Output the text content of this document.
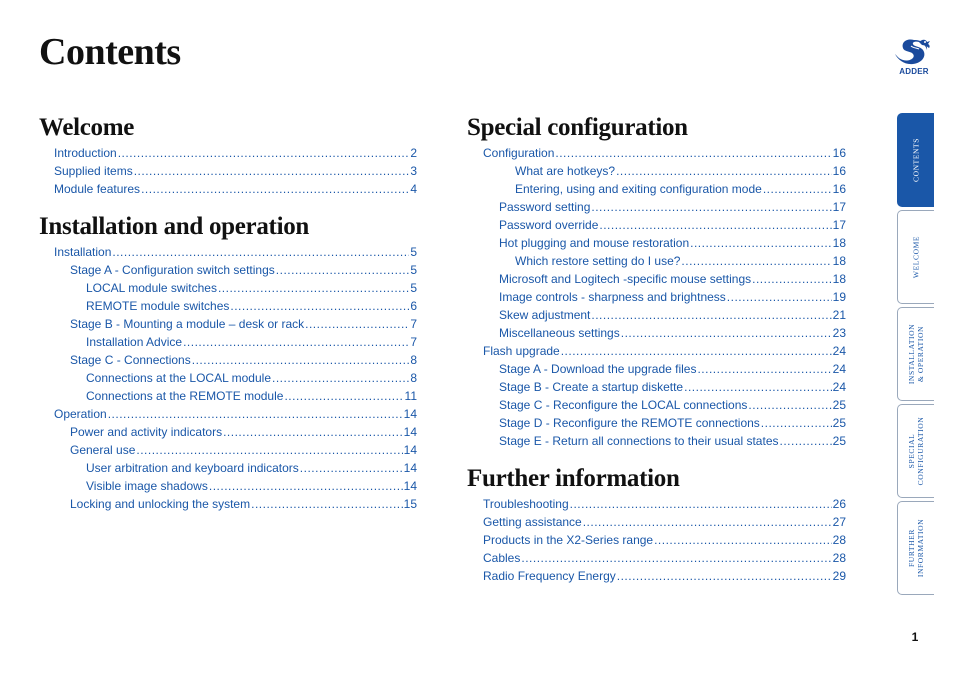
Contents	ADDER
Welcome
Introduction .....	2
Supplied items .....	3
Module features .....	4
Installation and operation
Installation .....	5
Stage A - Configuration switch settings .....	5
LOCAL module switches .....	5
REMOTE module switches .....	6
Stage B - Mounting a module – desk or rack .....	7
Installation Advice .....	7
Stage C - Connections .....	8
Connections at the LOCAL module .....	8
Connections at the REMOTE module .....	11
Operation .....	14
Power and activity indicators .....	14
General use .....	14
User arbitration and keyboard indicators .....	14
Visible image shadows .....	14
Locking and unlocking the system .....	15
Special configuration
Configuration .....	16
What are hotkeys? .....	16
Entering, using and exiting configuration mode .....	16
Password setting .....	17
Password override .....	17
Hot plugging and mouse restoration .....	18
Which restore setting do I use? .....	18
Microsoft and Logitech -specific mouse settings .....	18
Image controls - sharpness and brightness .....	19
Skew adjustment .....	21
Miscellaneous settings .....	23
Flash upgrade .....	24
Stage A - Download the upgrade files .....	24
Stage B - Create a startup diskette .....	24
Stage C - Reconfigure the LOCAL connections .....	25
Stage D - Reconfigure the REMOTE connections .....	25
Stage E - Return all connections to their usual states .....	25
Further information
Troubleshooting .....	26
Getting assistance .....	27
Products in the X2-Series range .....	28
Cables .....	28
Radio Frequency Energy .....	29
CONTENTS
WELCOME
INSTALLATION
& OPERATION
SPECIAL
CONFIGURATION
FURTHER
INFORMATION
1
